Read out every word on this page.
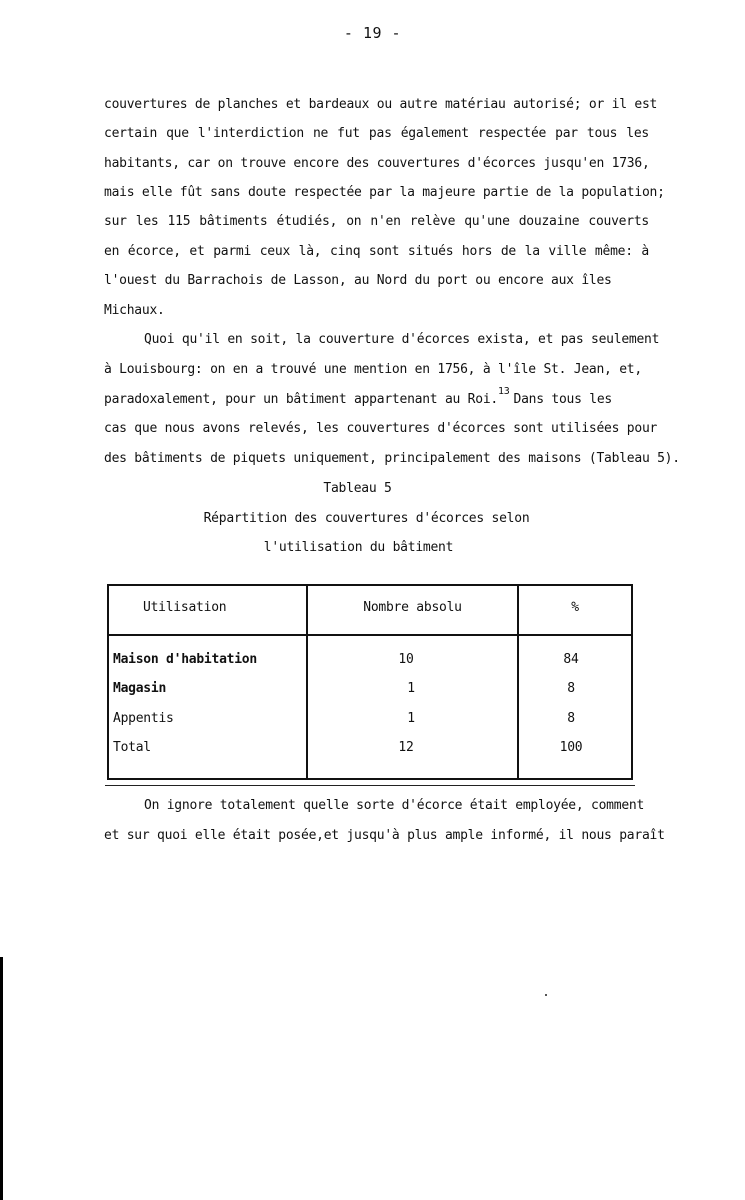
- 19 -
couvertures de planches et bardeaux ou autre matériau autorisé; or il est
certain que l'interdiction ne fut pas également respectée par tous les
habitants, car on trouve encore des couvertures d'écorces jusqu'en 1736,
mais elle fût sans doute respectée par la majeure partie de la population;
sur les 115 bâtiments étudiés, on n'en relève qu'une douzaine couverts
en écorce, et parmi ceux là, cinq sont situés hors de la ville même: à
l'ouest du Barrachois de Lasson, au Nord du port ou encore aux îles
Michaux.
Quoi qu'il en soit, la couverture d'écorces exista, et pas seulement
à Louisbourg: on en a trouvé une mention en 1756, à l'île St. Jean, et,
paradoxalement, pour un bâtiment appartenant au Roi.$^{13}$
Dans tous les
cas que nous avons relevés, les couvertures d'écorces sont utilisées pour
des bâtiments de piquets uniquement, principalement des maisons (Tableau 5).
Tableau 5
Répartition des couvertures d'écorces selon
l'utilisation du bâtiment
Utilisation	Nombre absolu	%
Maison d'habitation	10	84
Magasin	1	8
Appentis	1	8
Total	12	100
On ignore totalement quelle sorte d'écorce était employée, comment
et sur quoi elle était posée,et jusqu'à plus ample informé, il nous paraît
